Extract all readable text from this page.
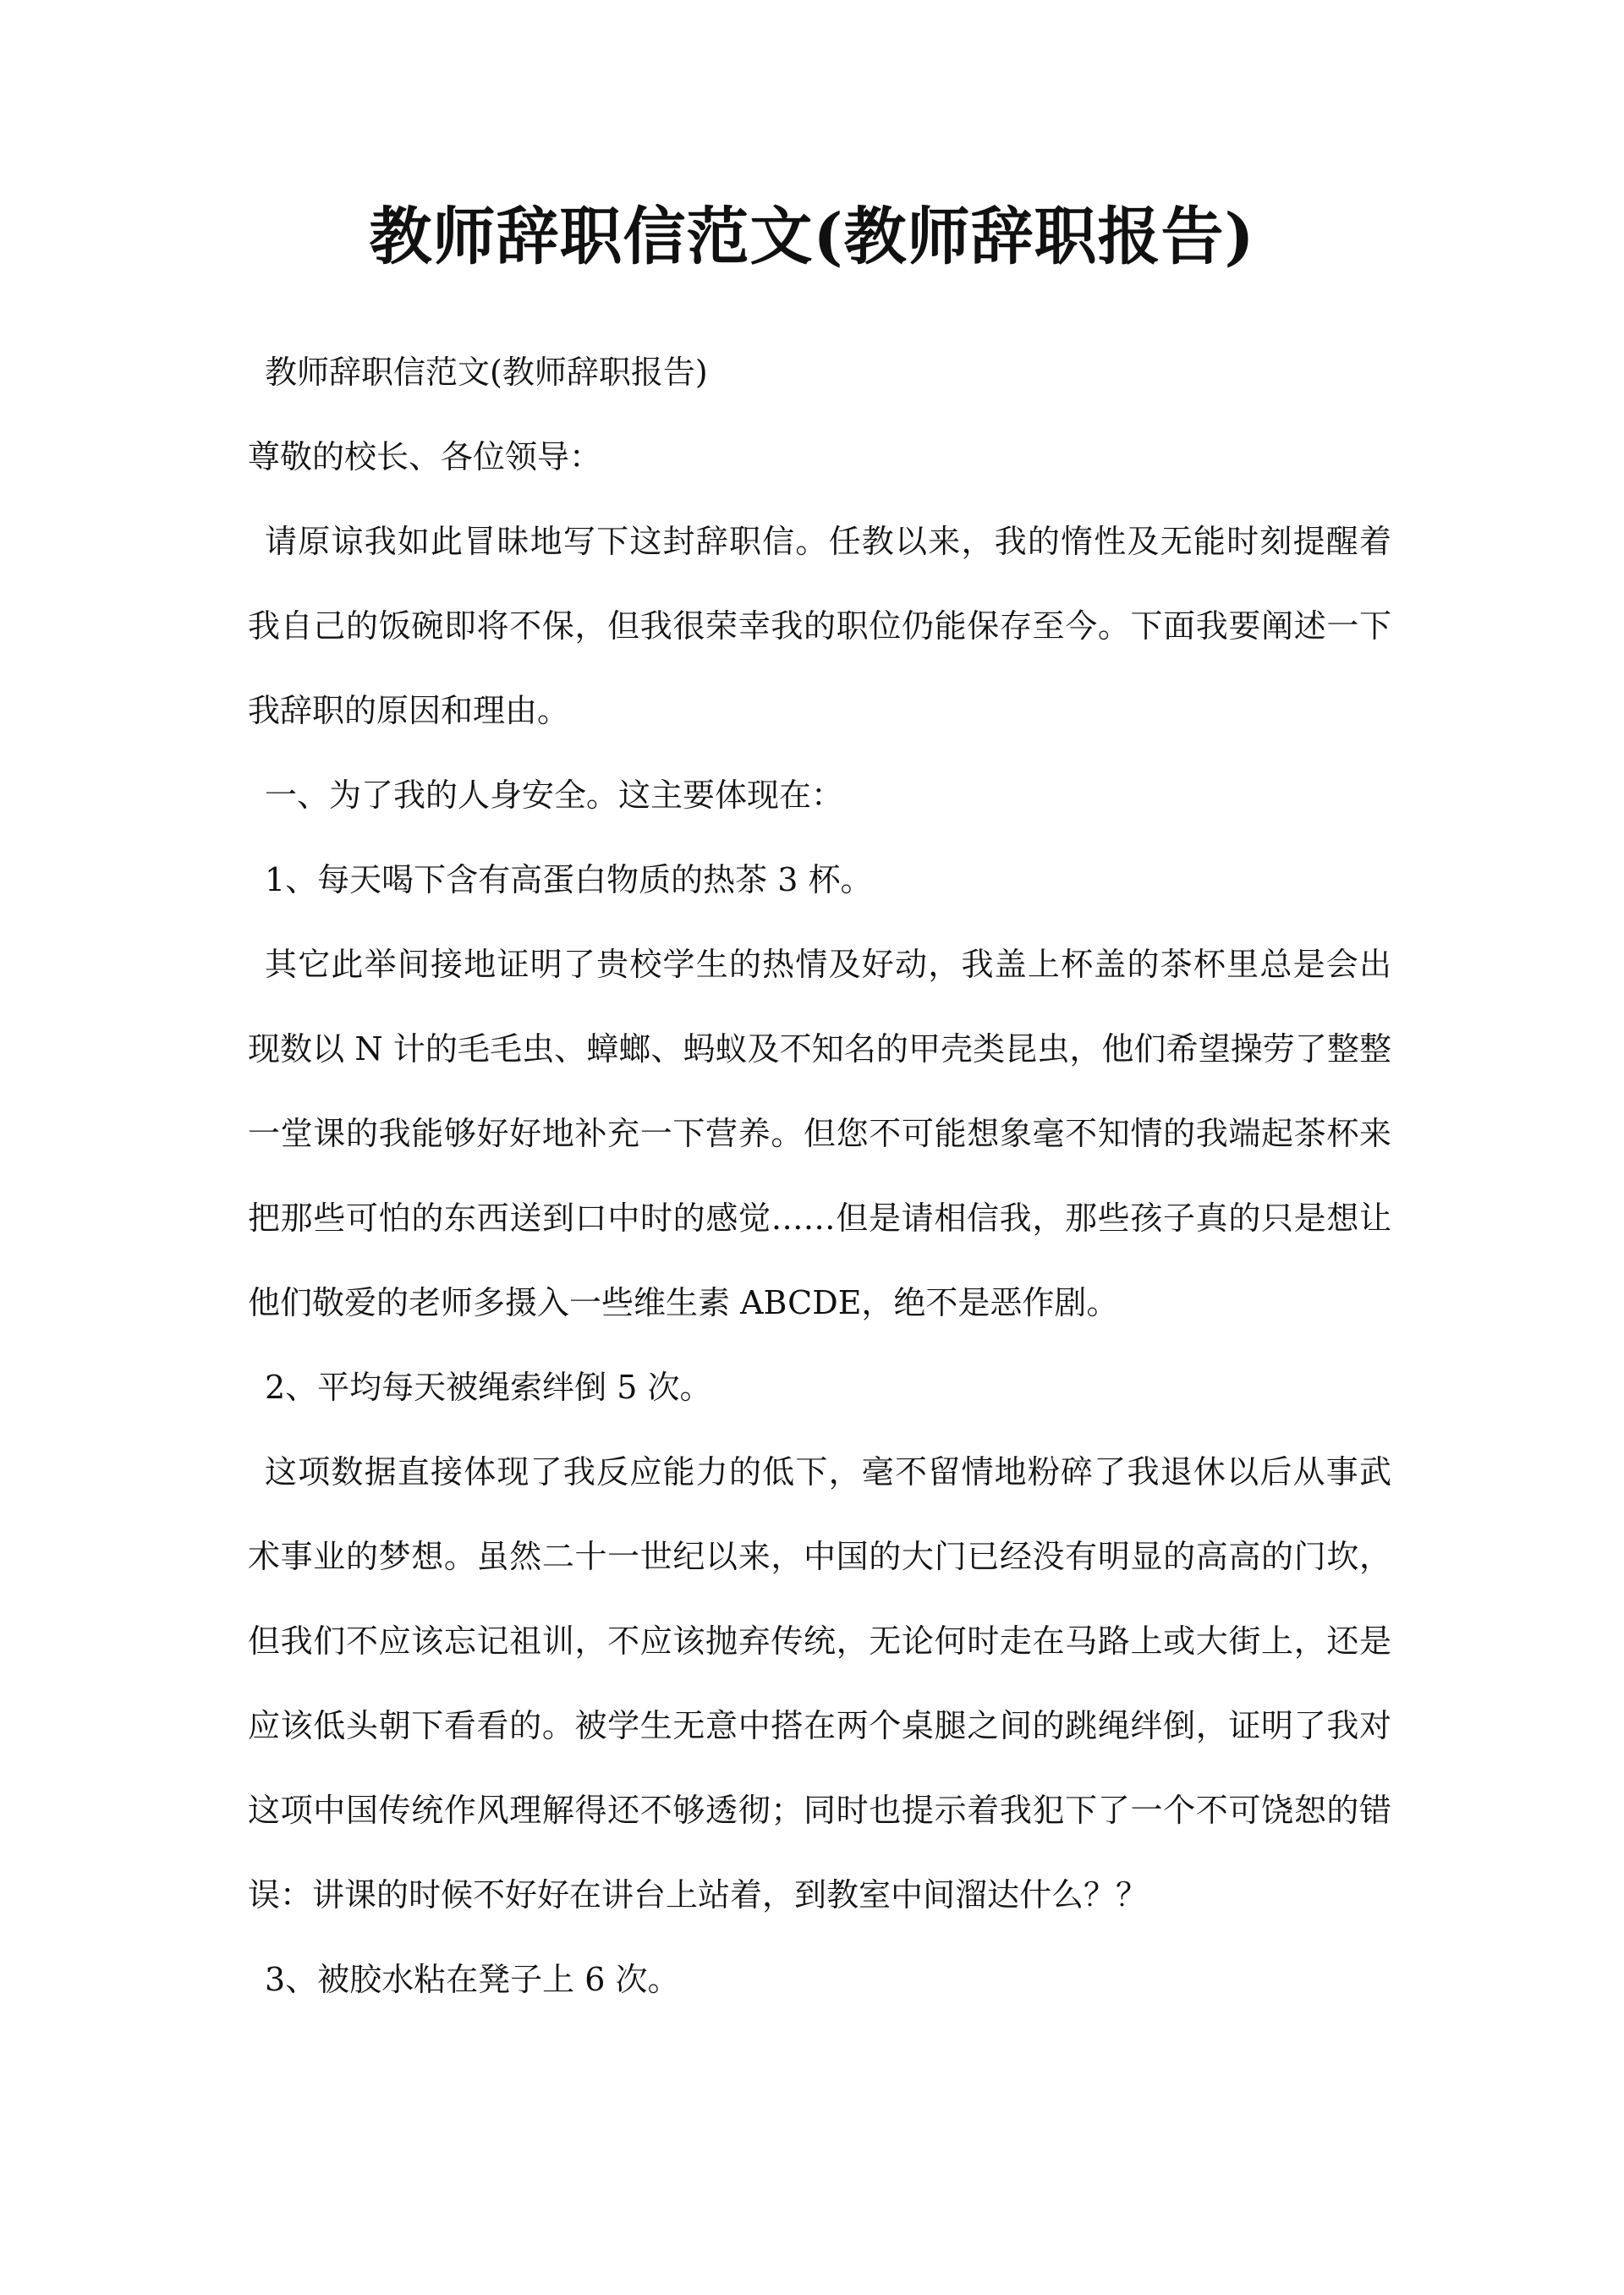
教师辞职信范文(教师辞职报告)
教师辞职信范文(教师辞职报告)
尊敬的校长、各位领导：
请原谅我如此冒昧地写下这封辞职信。任教以来，我的惰性及无能时刻提醒着
我自己的饭碗即将不保，但我很荣幸我的职位仍能保存至今。下面我要阐述一下
我辞职的原因和理由。
一、为了我的人身安全。这主要体现在：
1、每天喝下含有高蛋白物质的热茶 3 杯。
其它此举间接地证明了贵校学生的热情及好动，我盖上杯盖的茶杯里总是会出
现数以 N 计的毛毛虫、蟑螂、蚂蚁及不知名的甲壳类昆虫，他们希望操劳了整整
一堂课的我能够好好地补充一下营养。但您不可能想象毫不知情的我端起茶杯来
把那些可怕的东西送到口中时的感觉……但是请相信我，那些孩子真的只是想让
他们敬爱的老师多摄入一些维生素 ABCDE，绝不是恶作剧。
2、平均每天被绳索绊倒 5 次。
这项数据直接体现了我反应能力的低下，毫不留情地粉碎了我退休以后从事武
术事业的梦想。虽然二十一世纪以来，中国的大门已经没有明显的高高的门坎，
但我们不应该忘记祖训，不应该抛弃传统，无论何时走在马路上或大街上，还是
应该低头朝下看看的。被学生无意中搭在两个桌腿之间的跳绳绊倒，证明了我对
这项中国传统作风理解得还不够透彻；同时也提示着我犯下了一个不可饶恕的错
误：讲课的时候不好好在讲台上站着，到教室中间溜达什么？？
3、被胶水粘在凳子上 6 次。
